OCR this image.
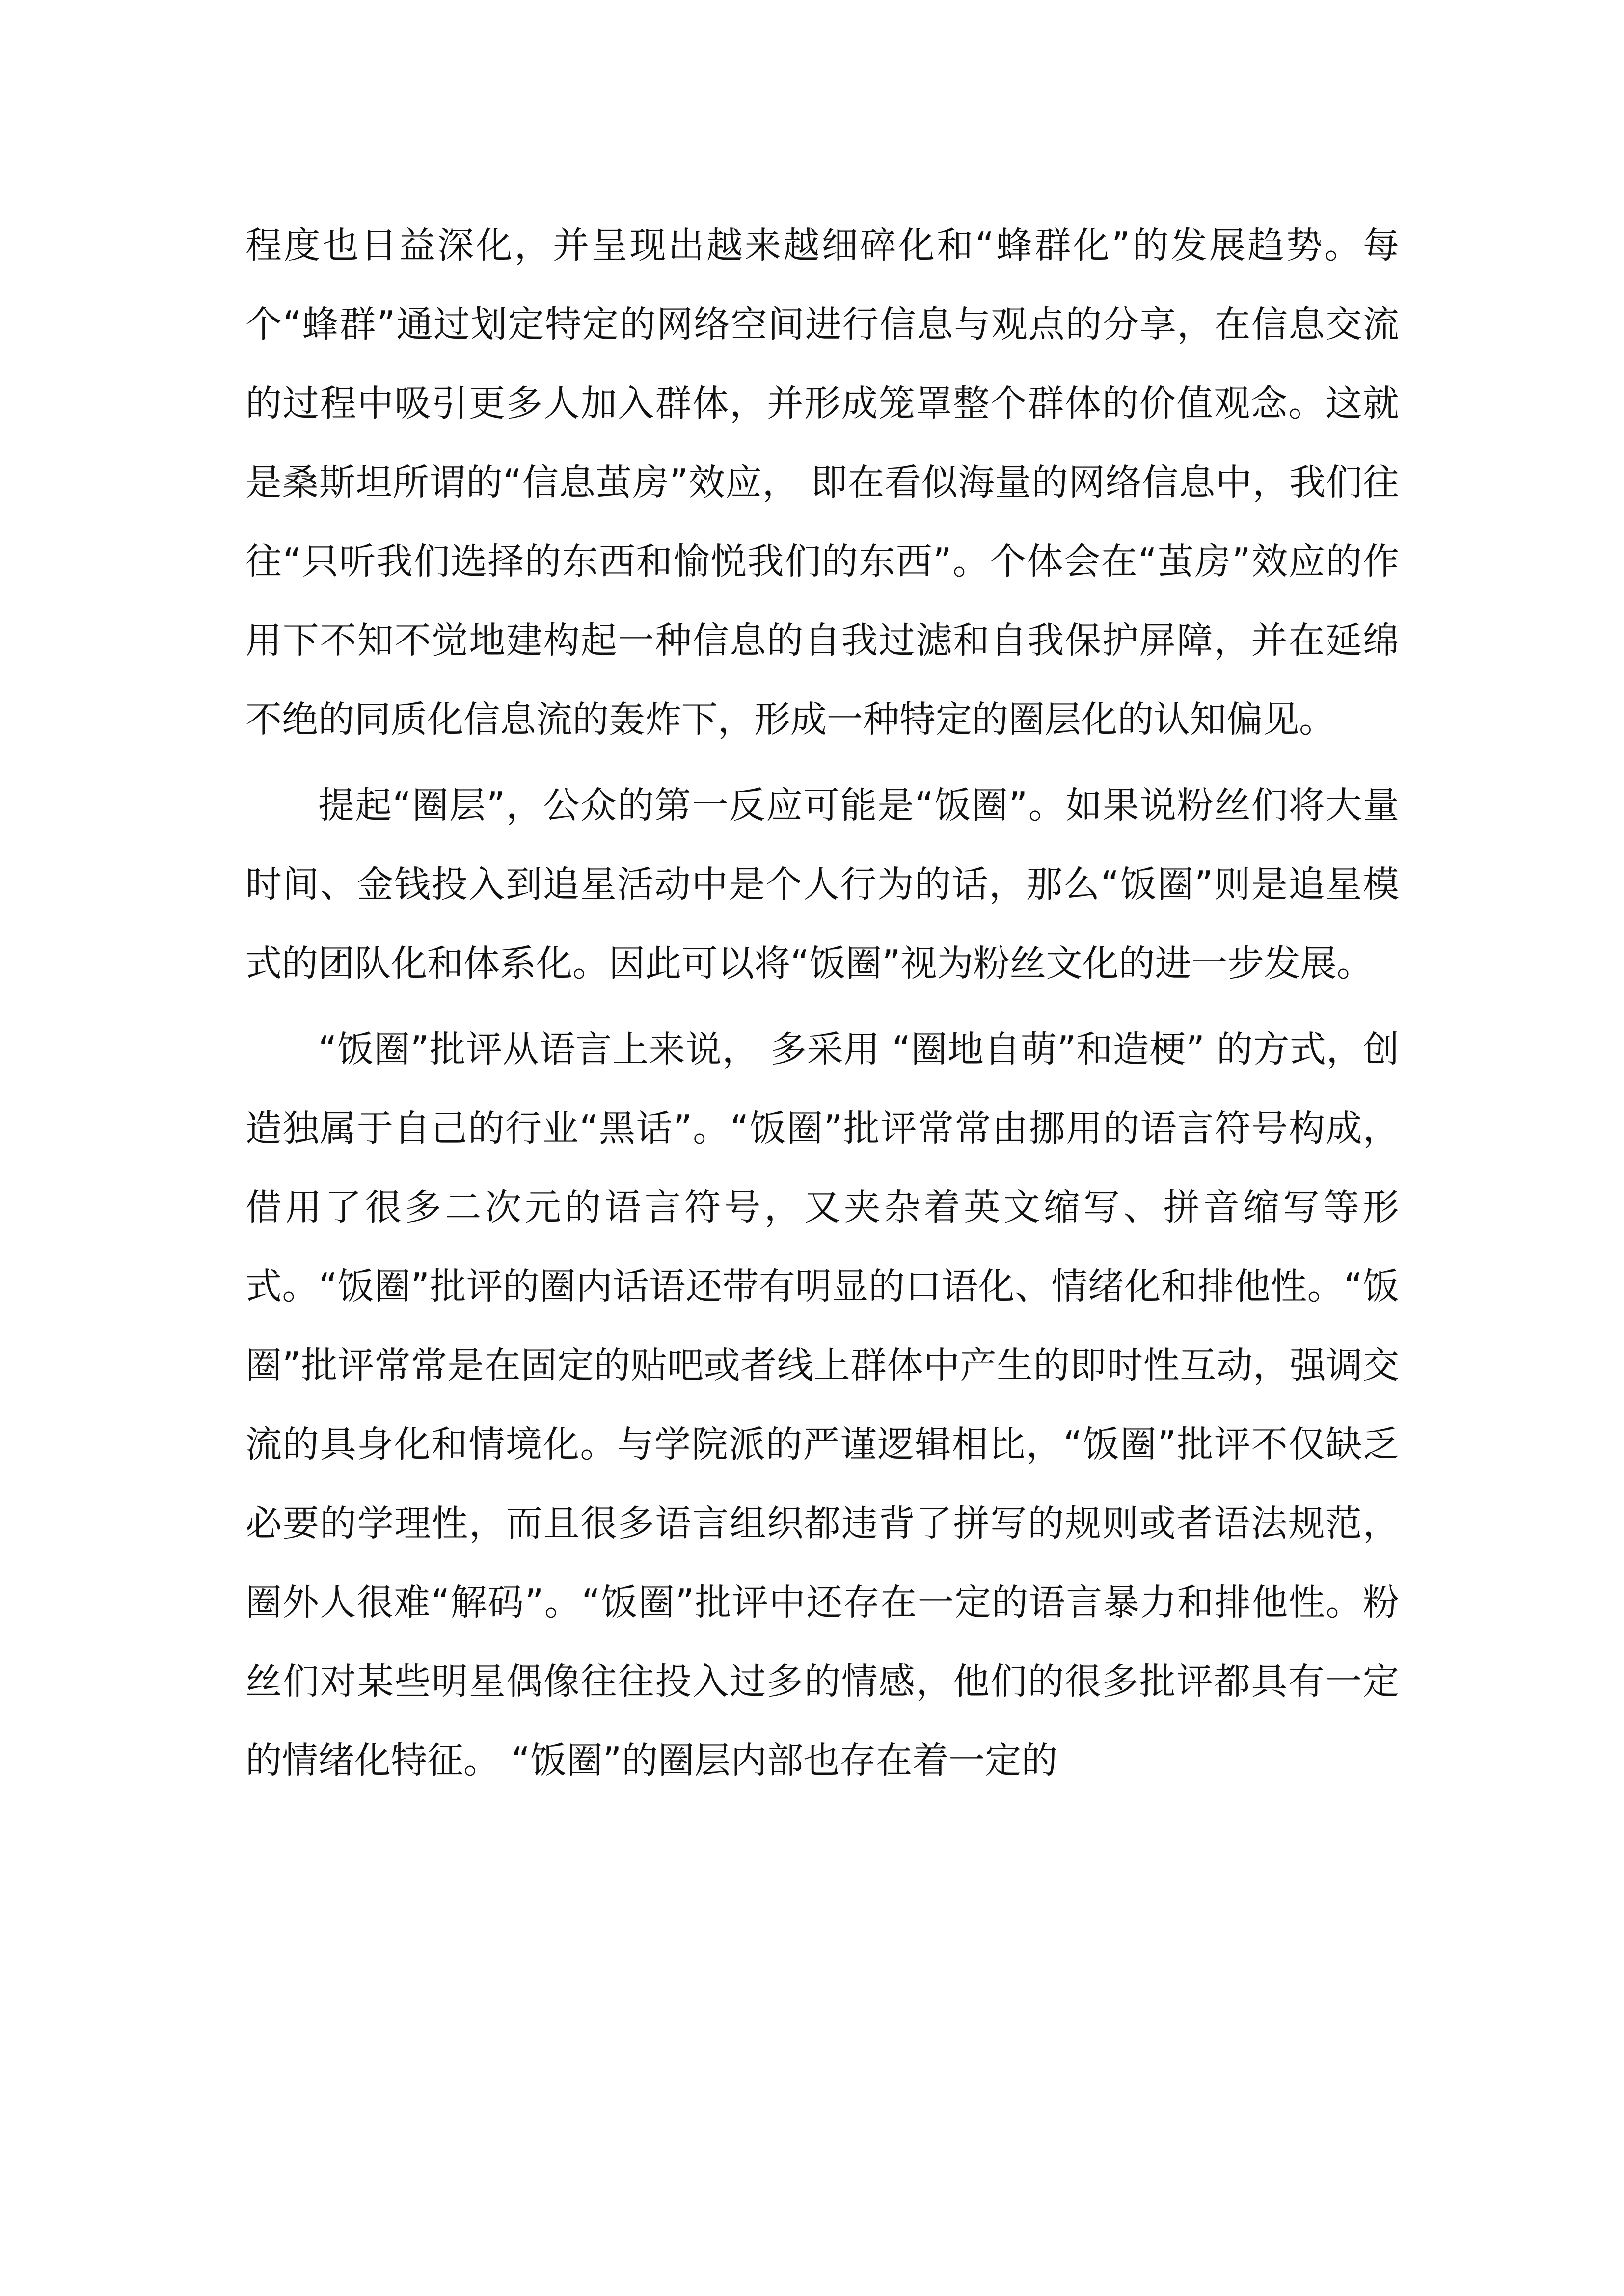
程度也日益深化，并呈现出越来越细碎化和“蜂群化”的发展趋势。每个“蜂群”通过划定特定的网络空间进行信息与观点的分享，在信息交流的过程中吸引更多人加入群体，并形成笼罩整个群体的价值观念。这就是桑斯坦所谓的“信息茧房”效应， 即在看似海量的网络信息中，我们往往“只听我们选择的东西和愉悦我们的东西”。个体会在“茧房”效应的作用下不知不觉地建构起一种信息的自我过滤和自我保护屏障，并在延绵不绝的同质化信息流的轰炸下，形成一种特定的圈层化的认知偏见。

提起“圈层”，公众的第一反应可能是“饭圈”。如果说粉丝们将大量时间、金钱投入到追星活动中是个人行为的话，那么“饭圈”则是追星模式的团队化和体系化。因此可以将“饭圈”视为粉丝文化的进一步发展。

“饭圈”批评从语言上来说， 多采用 “圈地自萌”和造梗” 的方式，创造独属于自己的行业“黑话”。“饭圈”批评常常由挪用的语言符号构成，借用了很多二次元的语言符号，又夹杂着英文缩写、拼音缩写等形式。“饭圈”批评的圈内话语还带有明显的口语化、情绪化和排他性。“饭圈”批评常常是在固定的贴吧或者线上群体中产生的即时性互动，强调交流的具身化和情境化。与学院派的严谨逻辑相比，“饭圈”批评不仅缺乏必要的学理性，而且很多语言组织都违背了拼写的规则或者语法规范， 圈外人很难“解码”。“饭圈”批评中还存在一定的语言暴力和排他性。粉丝们对某些明星偶像往往投入过多的情感，他们的很多批评都具有一定的情绪化特征。 “饭圈”的圈层内部也存在着一定的
